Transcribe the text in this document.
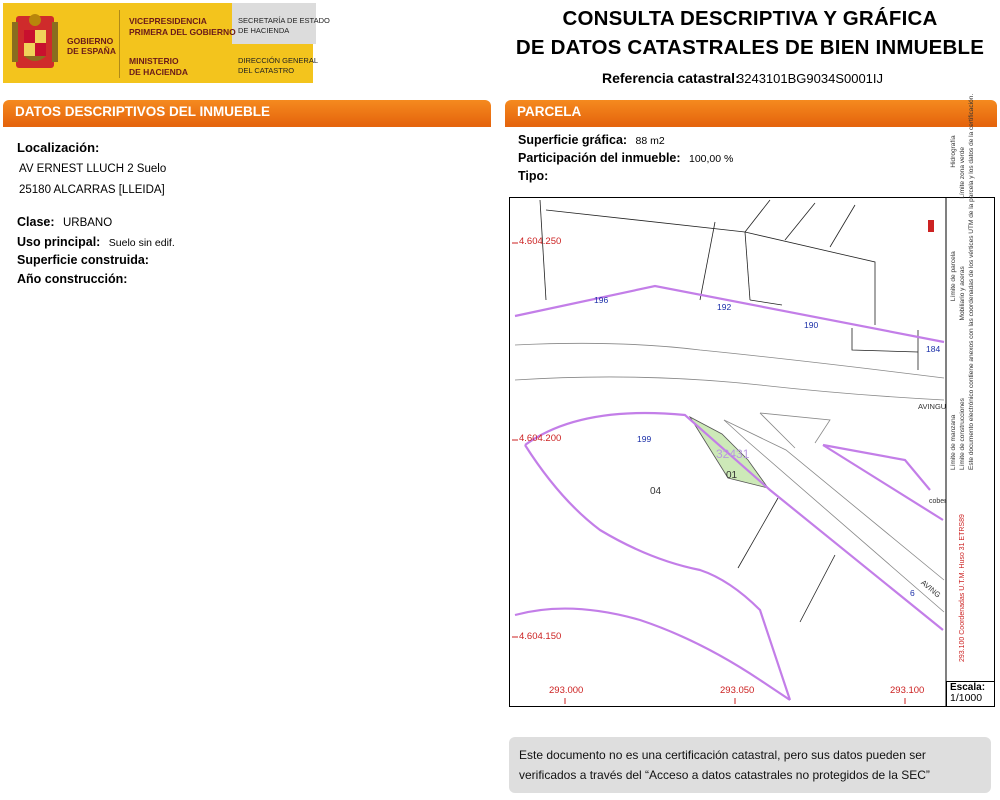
GOBIERNO
DE ESPAÑA
VICEPRESIDENCIA
PRIMERA DEL GOBIERNO
MINISTERIO
DE HACIENDA
SECRETARÍA DE ESTADO
DE HACIENDA
DIRECCIÓN GENERAL
DEL CATASTRO
CONSULTA DESCRIPTIVA Y GRÁFICA
DE DATOS CATASTRALES DE BIEN INMUEBLE
Referencia catastral:
3243101BG9034S0001IJ
DATOS DESCRIPTIVOS DEL INMUEBLE
Localización:
AV ERNEST LLUCH 2 Suelo
25180 ALCARRAS [LLEIDA]
Clase: URBANO
Uso principal: Suelo sin edif.
Superficie construida:
Año construcción:
PARCELA
Superficie gráfica: 88 m2
Participación del inmueble: 100,00 %
Tipo:
4.604.250
4.604.200
4.604.150
293.000	293.050	293.100
196
192
190
184
199
6
04
01
32431
AVINGU
AVING
cober
Límite de manzana  Límite de parcela  Hidrografía
Límite de construcciones  Mobiliario y aceras  Límite zona verde Este documento electrónico contiene anexos con las coordenadas de los vértices UTM de la parcela y los datos de la certificación.
293.100 Coordenadas U.T.M. Huso 31 ETRS89
Escala:
1/1000
Este documento no es una certificación catastral, pero sus datos pueden ser verificados a través del “Acceso a datos catastrales no protegidos de la SEC”
